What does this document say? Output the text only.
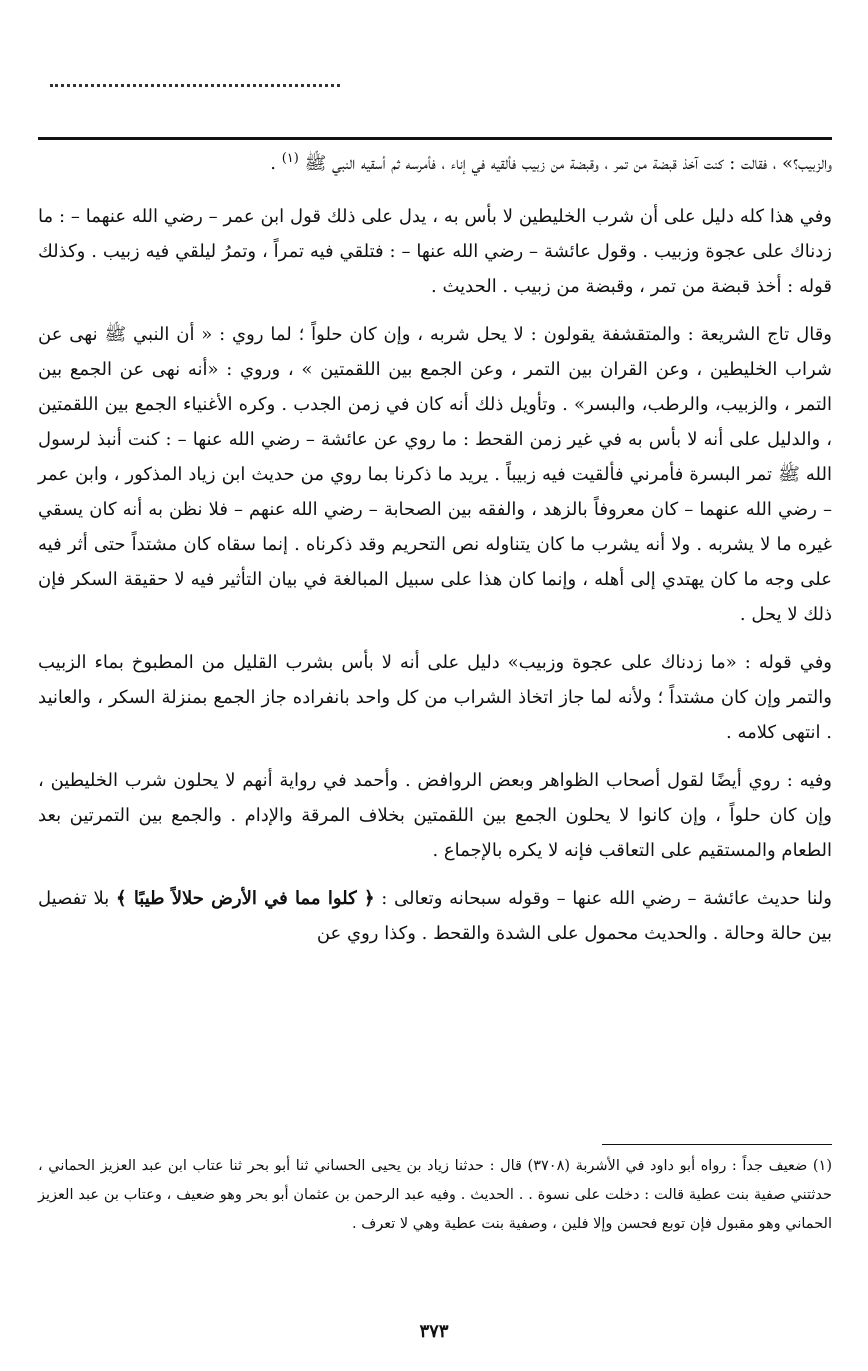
والزبيب؟» ، فقالت : كنت آخذ قبضة من تمر ، وقبضة من زبيب فألقيه في إناء ، فأمرسه ثم أسقيه النبي ﷺ $^{(١)}$ .

وفي هذا كله دليل على أن شرب الخليطين لا بأس به ، يدل على ذلك قول ابن عمر – رضي الله عنهما – : ما زدناك على عجوة وزبيب . وقول عائشة – رضي الله عنها – : فتلقي فيه تمراً ، وتمرُ ليلقي فيه زبيب . وكذلك قوله : أخذ قبضة من تمر ، وقبضة من زبيب . الحديث .

وقال تاج الشريعة : والمتقشفة يقولون : لا يحل شربه ، وإن كان حلواً ؛ لما روي : « أن النبي ﷺ نهى عن شراب الخليطين ، وعن القران بين التمر ، وعن الجمع بين اللقمتين » ، وروي : «أنه نهى عن الجمع بين التمر ، والزبيب، والرطب، والبسر» . وتأويل ذلك أنه كان في زمن الجدب . وكره الأغنياء الجمع بين اللقمتين ، والدليل على أنه لا بأس به في غير زمن القحط : ما روي عن عائشة – رضي الله عنها – : كنت أنبذ لرسول الله ﷺ تمر البسرة فأمرني فألقيت فيه زبيباً . يريد ما ذكرنا بما روي من حديث ابن زياد المذكور ، وابن عمر – رضي الله عنهما – كان معروفاً بالزهد ، والفقه بين الصحابة – رضي الله عنهم – فلا نظن به أنه كان يسقي غيره ما لا يشربه . ولا أنه يشرب ما كان يتناوله نص التحريم وقد ذكرناه . إنما سقاه كان مشتداً حتى أثر فيه على وجه ما كان يهتدي إلى أهله ، وإنما كان هذا على سبيل المبالغة في بيان التأثير فيه لا حقيقة السكر فإن ذلك لا يحل .

وفي قوله : «ما زدناك على عجوة وزبيب» دليل على أنه لا بأس بشرب القليل من المطبوخ بماء الزبيب والتمر وإن كان مشتداً ؛ ولأنه لما جاز اتخاذ الشراب من كل واحد بانفراده جاز الجمع بمنزلة السكر ، والعانيد . انتهى كلامه .

وفيه : روي أيضًا لقول أصحاب الظواهر وبعض الروافض . وأحمد في رواية أنهم لا يحلون شرب الخليطين ، وإن كان حلواً ، وإن كانوا لا يحلون الجمع بين اللقمتين بخلاف المرقة والإدام . والجمع بين التمرتين بعد الطعام والمستقيم على التعاقب فإنه لا يكره بالإجماع .

ولنا حديث عائشة – رضي الله عنها – وقوله سبحانه وتعالى : ﴿ كلوا مما في الأرض حلالاً طيبًا ﴾ بلا تفصيل بين حالة وحالة . والحديث محمول على الشدة والقحط . وكذا روي عن

(١) ضعيف جداً : رواه أبو داود في الأشربة (٣٧٠٨) قال : حدثنا زياد بن يحيى الحساني ثنا أبو بحر ثنا عتاب ابن عبد العزيز الحماني ، حدثتني صفية بنت عطية قالت : دخلت على نسوة . . الحديث . وفيه عبد الرحمن بن عثمان أبو بحر وهو ضعيف ، وعتاب بن عبد العزيز الحماني وهو مقبول فإن توبع فحسن وإلا فلين ، وصفية بنت عطية وهي لا تعرف .

٣٧٣
